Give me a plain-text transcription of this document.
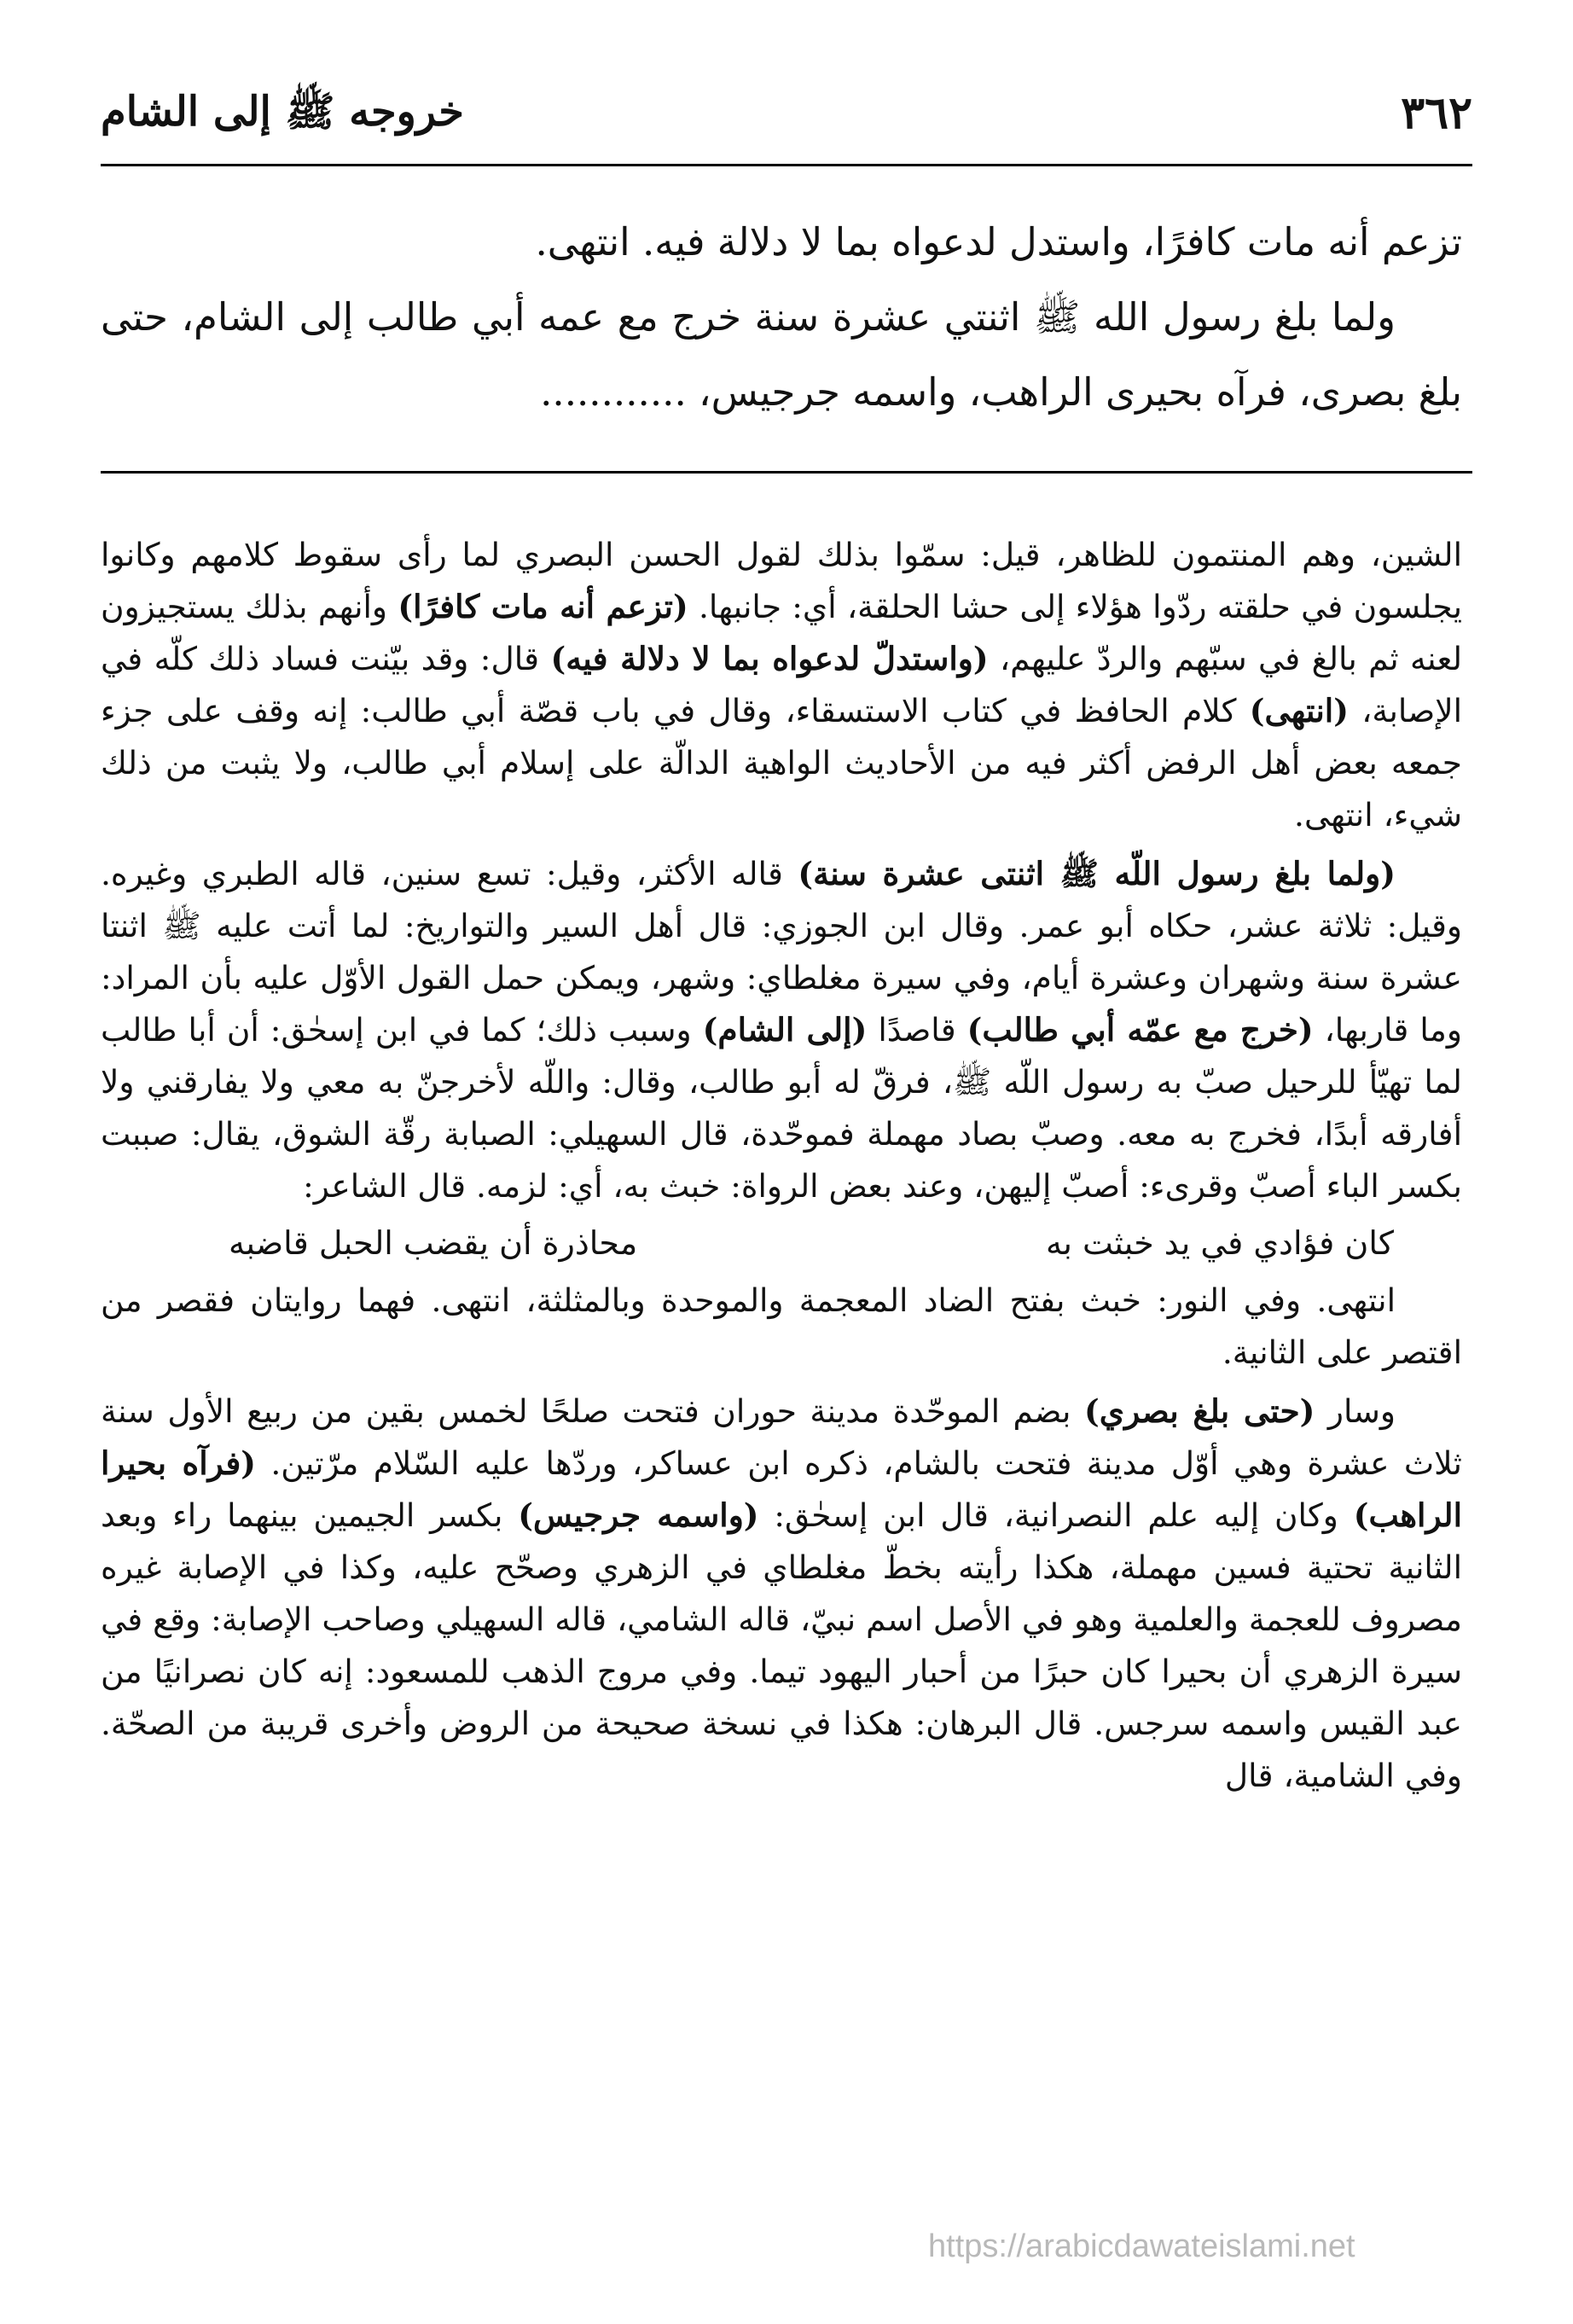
٣٦٢
خروجه ﷺ إلى الشام

تزعم أنه مات كافرًا، واستدل لدعواه بما لا دلالة فيه. انتهى.

ولما بلغ رسول الله ﷺ اثنتي عشرة سنة خرج مع عمه أبي طالب إلى الشام، حتى بلغ بصرى، فرآه بحيرى الراهب، واسمه جرجيس، ............

الشين، وهم المنتمون للظاهر، قيل: سمّوا بذلك لقول الحسن البصري لما رأى سقوط كلامهم وكانوا يجلسون في حلقته ردّوا هؤلاء إلى حشا الحلقة، أي: جانبها. (تزعم أنه مات كافرًا) وأنهم بذلك يستجيزون لعنه ثم بالغ في سبّهم والردّ عليهم، (واستدلّ لدعواه بما لا دلالة فيه) قال: وقد بيّنت فساد ذلك كلّه في الإصابة، (انتهى) كلام الحافظ في كتاب الاستسقاء، وقال في باب قصّة أبي طالب: إنه وقف على جزء جمعه بعض أهل الرفض أكثر فيه من الأحاديث الواهية الدالّة على إسلام أبي طالب، ولا يثبت من ذلك شيء، انتهى.

(ولما بلغ رسول اللّه ﷺ اثنتى عشرة سنة) قاله الأكثر، وقيل: تسع سنين، قاله الطبري وغيره. وقيل: ثلاثة عشر، حكاه أبو عمر. وقال ابن الجوزي: قال أهل السير والتواريخ: لما أتت عليه ﷺ اثنتا عشرة سنة وشهران وعشرة أيام، وفي سيرة مغلطاي: وشهر، ويمكن حمل القول الأوّل عليه بأن المراد: وما قاربها، (خرج مع عمّه أبي طالب) قاصدًا (إلى الشام) وسبب ذلك؛ كما في ابن إسحٰق: أن أبا طالب لما تهيّأ للرحيل صبّ به رسول اللّه ﷺ، فرقّ له أبو طالب، وقال: واللّه لأخرجنّ به معي ولا يفارقني ولا أفارقه أبدًا، فخرج به معه. وصبّ بصاد مهملة فموحّدة، قال السهيلي: الصبابة رقّة الشوق، يقال: صببت بكسر الباء أصبّ وقرىء: أصبّ إليهن، وعند بعض الرواة: خبث به، أي: لزمه. قال الشاعر:

كان فؤادي في يد خبثت به
محاذرة أن يقضب الحبل قاضبه

انتهى. وفي النور: خبث بفتح الضاد المعجمة والموحدة وبالمثلثة، انتهى. فهما روايتان فقصر من اقتصر على الثانية.

وسار (حتى بلغ بصري) بضم الموحّدة مدينة حوران فتحت صلحًا لخمس بقين من ربيع الأول سنة ثلاث عشرة وهي أوّل مدينة فتحت بالشام، ذكره ابن عساكر، وردّها عليه السّلام مرّتين. (فرآه بحيرا الراهب) وكان إليه علم النصرانية، قال ابن إسحٰق: (واسمه جرجيس) بكسر الجيمين بينهما راء وبعد الثانية تحتية فسين مهملة، هكذا رأيته بخطّ مغلطاي في الزهري وصحّح عليه، وكذا في الإصابة غيره مصروف للعجمة والعلمية وهو في الأصل اسم نبيّ، قاله الشامي، قاله السهيلي وصاحب الإصابة: وقع في سيرة الزهري أن بحيرا كان حبرًا من أحبار اليهود تيما. وفي مروج الذهب للمسعود: إنه كان نصرانيًا من عبد القيس واسمه سرجس. قال البرهان: هكذا في نسخة صحيحة من الروض وأخرى قريبة من الصحّة. وفي الشامية، قال

https://arabicdawateislami.net
